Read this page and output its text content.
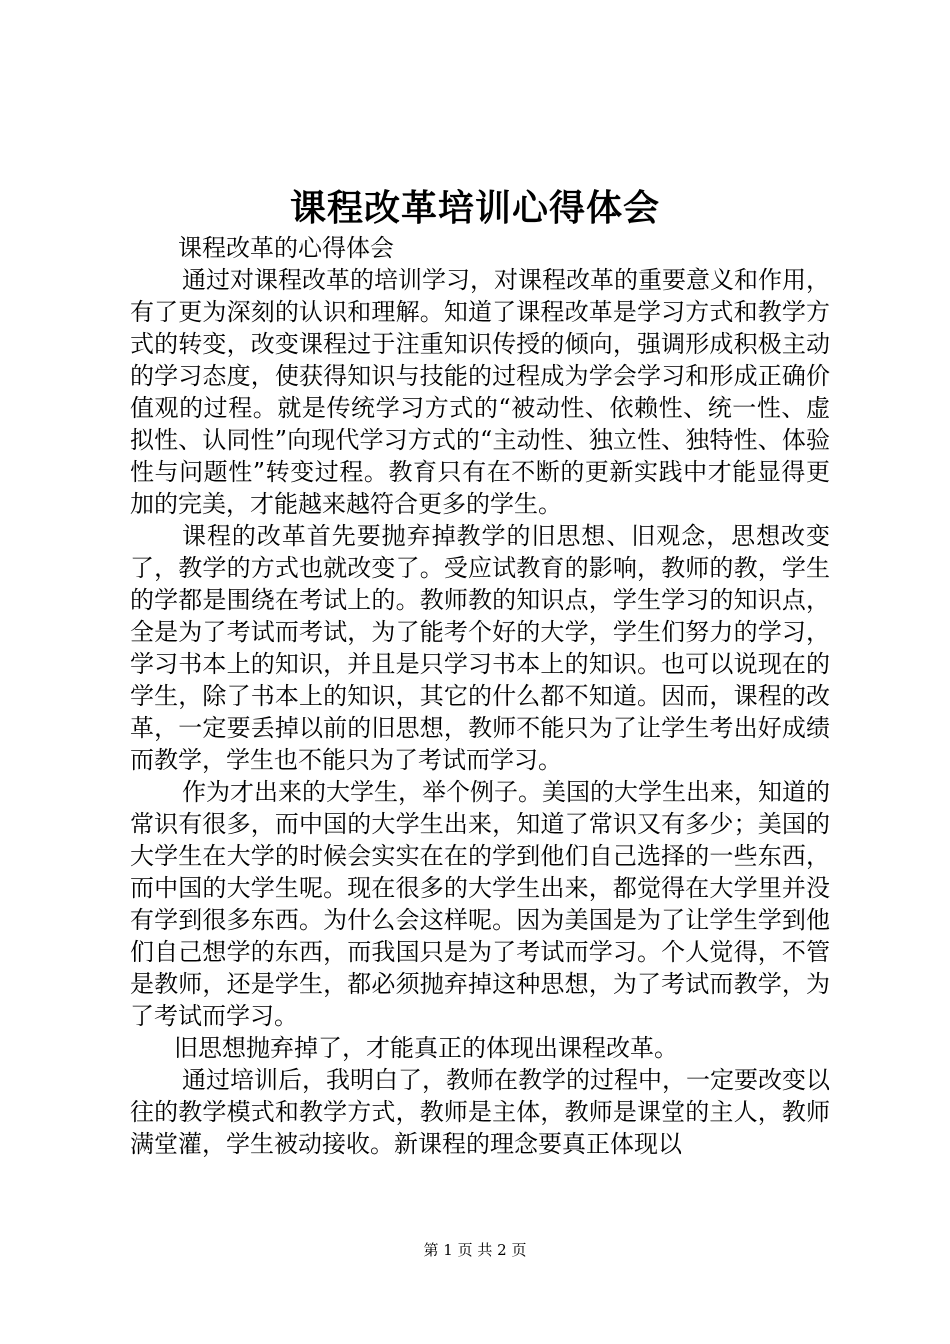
课程改革培训心得体会

课程改革的心得体会

通过对课程改革的培训学习，对课程改革的重要意义和作用，有了更为深刻的认识和理解。知道了课程改革是学习方式和教学方式的转变，改变课程过于注重知识传授的倾向，强调形成积极主动的学习态度，使获得知识与技能的过程成为学会学习和形成正确价值观的过程。就是传统学习方式的“被动性、依赖性、统一性、虚拟性、认同性”向现代学习方式的“主动性、独立性、独特性、体验性与问题性”转变过程。教育只有在不断的更新实践中才能显得更加的完美，才能越来越符合更多的学生。

课程的改革首先要抛弃掉教学的旧思想、旧观念，思想改变了，教学的方式也就改变了。受应试教育的影响，教师的教，学生的学都是围绕在考试上的。教师教的知识点，学生学习的知识点，全是为了考试而考试，为了能考个好的大学，学生们努力的学习，学习书本上的知识，并且是只学习书本上的知识。也可以说现在的学生，除了书本上的知识，其它的什么都不知道。因而，课程的改革，一定要丢掉以前的旧思想，教师不能只为了让学生考出好成绩而教学，学生也不能只为了考试而学习。

作为才出来的大学生，举个例子。美国的大学生出来，知道的常识有很多，而中国的大学生出来，知道了常识又有多少；美国的大学生在大学的时候会实实在在的学到他们自己选择的一些东西，而中国的大学生呢。现在很多的大学生出来，都觉得在大学里并没有学到很多东西。为什么会这样呢。因为美国是为了让学生学到他们自己想学的东西，而我国只是为了考试而学习。个人觉得，不管是教师，还是学生，都必须抛弃掉这种思想，为了考试而教学，为了考试而学习。

旧思想抛弃掉了，才能真正的体现出课程改革。

通过培训后，我明白了，教师在教学的过程中，一定要改变以往的教学模式和教学方式，教师是主体，教师是课堂的主人，教师满堂灌，学生被动接收。新课程的理念要真正体现以

第 1 页 共 2 页
